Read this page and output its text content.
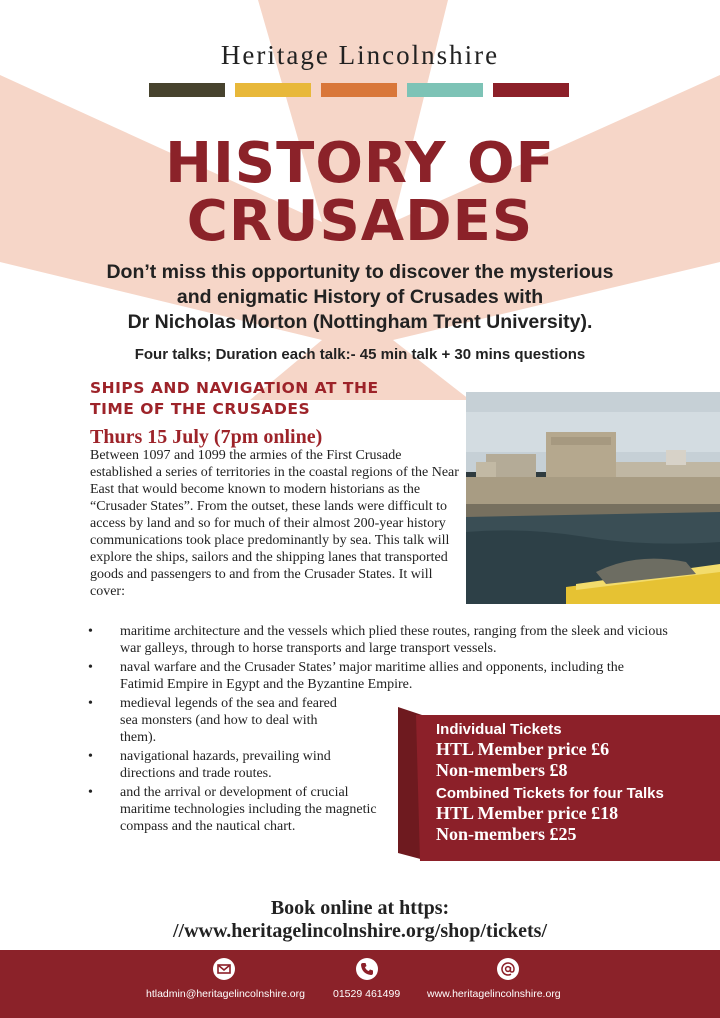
Heritage Lincolnshire
HISTORY OF
CRUSADES
Don’t miss this opportunity to discover the mysterious
and enigmatic History of Crusades with
Dr Nicholas Morton (Nottingham Trent University).
Four talks; Duration each talk:- 45 min talk + 30 mins questions
SHIPS AND NAVIGATION AT THE
TIME OF THE CRUSADES
Thurs 15 July (7pm online)

Between 1097 and 1099 the armies of the First Crusade established a series of territories in the coastal regions of the Near East that would become known to modern historians as the “Crusader States”. From the outset, these lands were difficult to access by land and so for much of their almost 200-year history communications took place predominantly by sea. This talk will explore the ships, sailors and the shipping lanes that transported goods and passengers to and from the Crusader States. It will cover:

• maritime architecture and the vessels which plied these routes, ranging from the sleek and vicious war galleys, through to horse transports and large transport vessels.
• naval warfare and the Crusader States’ major maritime allies and opponents, including the Fatimid Empire in Egypt and the Byzantine Empire.
• medieval legends of the sea and feared sea monsters (and how to deal with them).
• navigational hazards, prevailing wind directions and trade routes.
• and the arrival or development of crucial maritime technologies including the magnetic compass and the nautical chart.
Individual Tickets
HTL Member price £6
Non-members £8
Combined Tickets for four Talks
HTL Member price £18
Non-members £25
Book online at https:
//www.heritagelincolnshire.org/shop/tickets/
htladmin@heritagelincolnshire.org	01529 461499	www.heritagelincolnshire.org
